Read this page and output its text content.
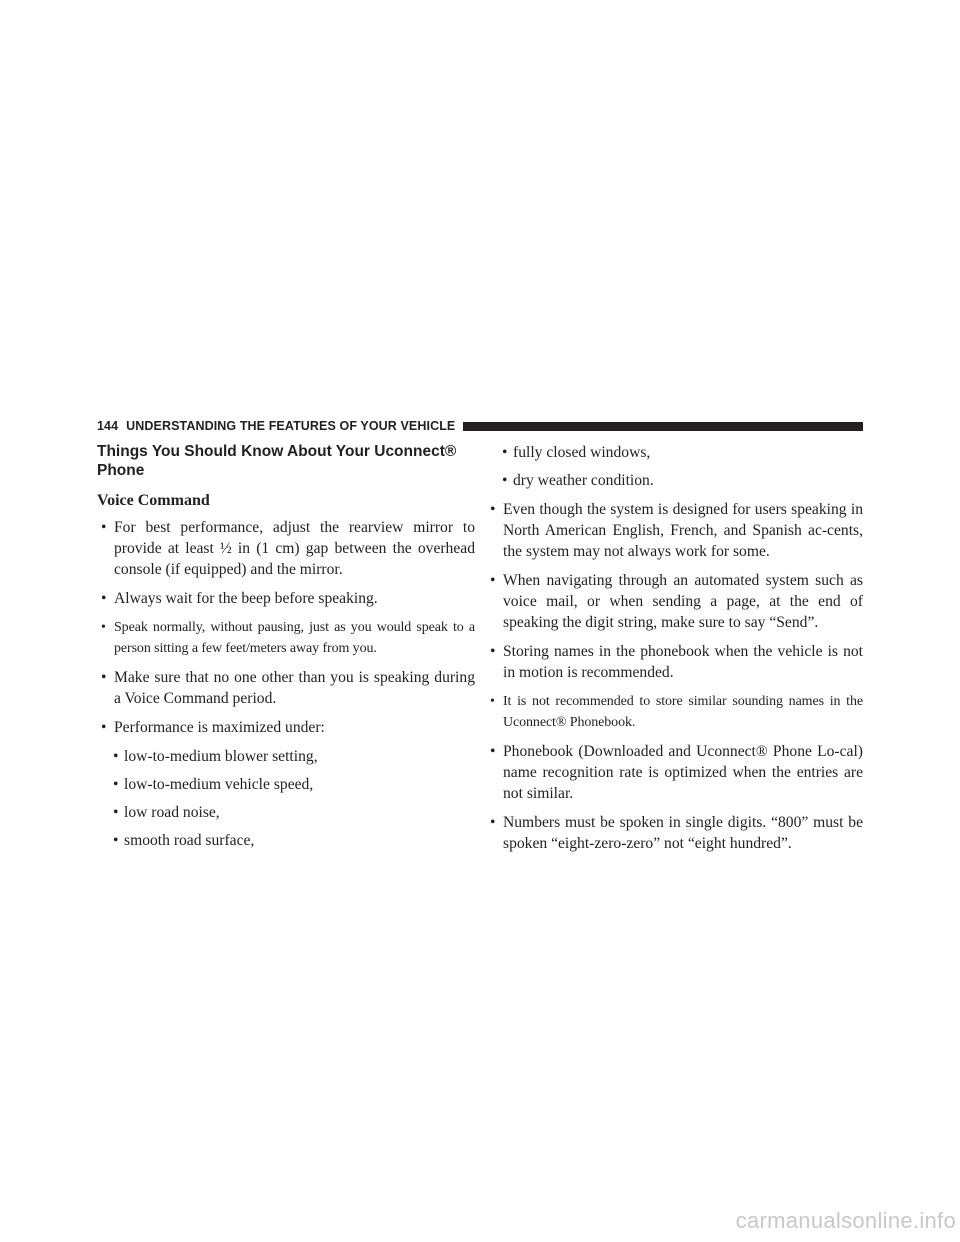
144 UNDERSTANDING THE FEATURES OF YOUR VEHICLE
Things You Should Know About Your Uconnect® Phone
Voice Command
• For best performance, adjust the rearview mirror to provide at least ½ in (1 cm) gap between the overhead console (if equipped) and the mirror.
• Always wait for the beep before speaking.
• Speak normally, without pausing, just as you would speak to a person sitting a few feet/meters away from you.
• Make sure that no one other than you is speaking during a Voice Command period.
• Performance is maximized under:
• low-to-medium blower setting,
• low-to-medium vehicle speed,
• low road noise,
• smooth road surface,
• fully closed windows,
• dry weather condition.
• Even though the system is designed for users speaking in North American English, French, and Spanish ac-cents, the system may not always work for some.
• When navigating through an automated system such as voice mail, or when sending a page, at the end of speaking the digit string, make sure to say “Send”.
• Storing names in the phonebook when the vehicle is not in motion is recommended.
• It is not recommended to store similar sounding names in the Uconnect® Phonebook.
• Phonebook (Downloaded and Uconnect® Phone Lo-cal) name recognition rate is optimized when the entries are not similar.
• Numbers must be spoken in single digits. “800” must be spoken “eight-zero-zero” not “eight hundred”.
carmanualsonline.info
